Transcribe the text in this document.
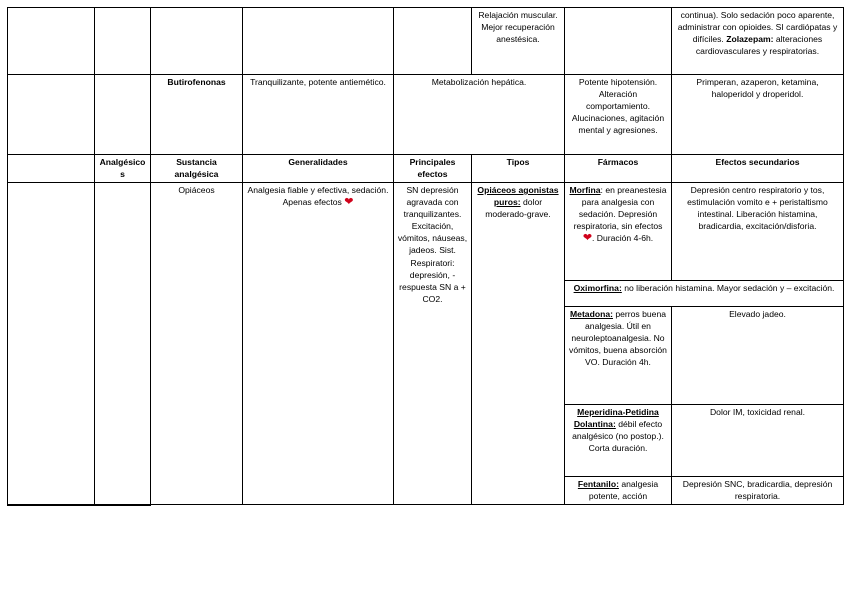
					Relajación muscular. Mejor recuperación anestésica.		continua). Solo sedación poco aparente, administrar con opioides. SI cardiópatas y difíciles. Zolazepam: alteraciones cardiovasculares y respiratorias.
		Butirofenonas	Tranquilizante, potente antiemético.	Metabolización hepática.		Potente hipotensión. Alteración comportamiento. Alucinaciones, agitación mental y agresiones.	Primperan, azaperon, ketamina, haloperidol y droperidol.
	Analgésicos	Sustancia analgésica	Generalidades	Principales efectos	Tipos	Fármacos	Efectos secundarios
		Opiáceos	Analgesia fiable y efectiva, sedación. Apenas efectos ❤	SN depresión agravada con tranquilizantes. Excitación, vómitos, náuseas, jadeos. Sist. Respiratori: depresión, -respuesta SN a + CO2.	Opiáceos agonistas puros: dolor moderado-grave.	Morfina: en preanestesia para analgesia con sedación. Depresión respiratoria, sin efectos ❤. Duración 4-6h.	Depresión centro respiratorio y tos, estimulación vomito e + peristaltismo intestinal. Liberación histamina, bradicardia, excitación/disforia.
						Oximorfina: no liberación histamina. Mayor sedación y – excitación.	
						Metadona: perros buena analgesia. Útil en neuroleptoanalgesia. No vómitos, buena absorción VO. Duración 4h.	Elevado jadeo.
						Meperidina-Petidina Dolantina: débil efecto analgésico (no postop.). Corta duración.	Dolor IM, toxicidad renal.
						Fentanilo: analgesia potente, acción	Depresión SNC, bradicardia, depresión respiratoria.
